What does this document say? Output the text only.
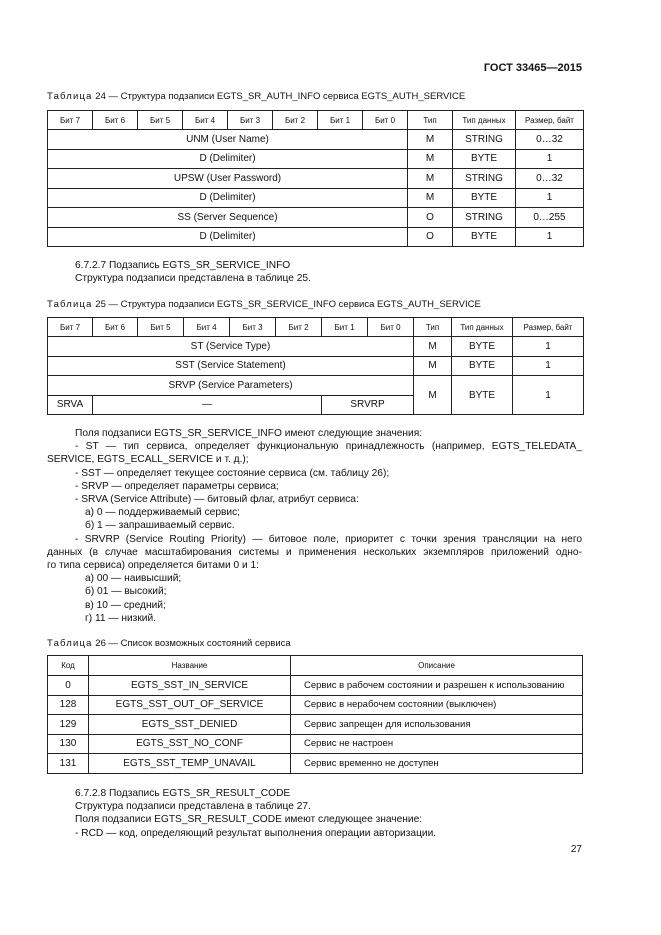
ГОСТ 33465—2015
Таблица 24 — Структура подзаписи EGTS_SR_AUTH_INFO сервиса EGTS_AUTH_SERVICE
Бит 7	Бит 6	Бит 5	Бит 4	Бит 3	Бит 2	Бит 1	Бит 0	Тип	Тип данных	Размер, байт
UNM (User Name)								M	STRING	0…32
D (Delimiter)								M	BYTE	1
UPSW (User Password)								M	STRING	0…32
D (Delimiter)								M	BYTE	1
SS (Server Sequence)								O	STRING	0…255
D (Delimiter)								O	BYTE	1

6.7.2.7 Подзапись EGTS_SR_SERVICE_INFO

Структура подзаписи представлена в таблице 25.

Таблица 25 — Структура подзаписи EGTS_SR_SERVICE_INFO сервиса EGTS_AUTH_SERVICE
Бит 7	Бит 6	Бит 5	Бит 4	Бит 3	Бит 2	Бит 1	Бит 0	Тип	Тип данных	Размер, байт
ST (Service Type)								M	BYTE	1
SST (Service Statement)								M	BYTE	1
SRVP (Service Parameters)								M	BYTE	1
SRVA	—					SRVRP				

Поля подзаписи EGTS_SR_SERVICE_INFO имеют следующие значения:

- ST — тип сервиса, определяет функциональную принадлежность (например, EGTS_TELEDATA_

SERVICE, EGTS_ECALL_SERVICE и т. д.);

- SST — определяет текущее состояние сервиса (см. таблицу 26);

- SRVP — определяет параметры сервиса;

- SRVA (Service Attribute) — битовый флаг, атрибут сервиса:

а) 0 — поддерживаемый сервис;

б) 1 — запрашиваемый сервис.

- SRVRP (Service Routing Priority) — битовое поле, приоритет с точки зрения трансляции на него

данных (в случае масштабирования системы и применения нескольких экземпляров приложений одно-

го типа сервиса) определяется битами 0 и 1:

а) 00 — наивысший;

б) 01 — высокий;

в) 10 — средний;

г) 11 — низкий.

Таблица 26 — Список возможных состояний сервиса
Код	Название	Описание
0	EGTS_SST_IN_SERVICE	Сервис в рабочем состоянии и разрешен к использованию
128	EGTS_SST_OUT_OF_SERVICE	Сервис в нерабочем состоянии (выключен)
129	EGTS_SST_DENIED	Сервис запрещен для использования
130	EGTS_SST_NO_CONF	Сервис не настроен
131	EGTS_SST_TEMP_UNAVAIL	Сервис временно не доступен

6.7.2.8 Подзапись EGTS_SR_RESULT_CODE

Структура подзаписи представлена в таблице 27.

Поля подзаписи EGTS_SR_RESULT_CODE имеют следующее значение:

- RCD — код, определяющий результат выполнения операции авторизации.

27
